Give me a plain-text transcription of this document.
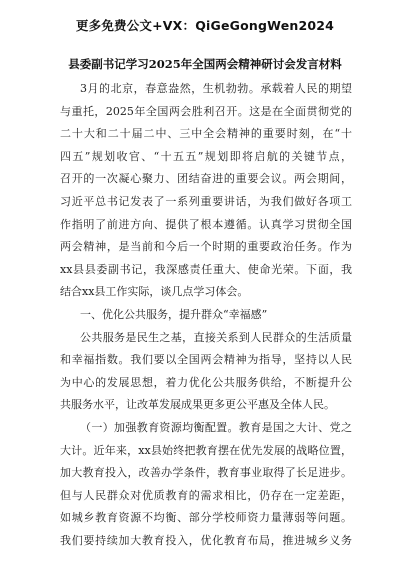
更多免费公文+VX：QiGeGongWen2024
县委副书记学习2025年全国两会精神研讨会发言材料
3月的北京，春意盎然，生机勃勃。承载着人民的期望
与重托，2025年全国两会胜利召开。这是在全面贯彻党的
二十大和二十届二中、三中全会精神的重要时刻，在“十
四五”规划收官、“十五五”规划即将启航的关键节点，
召开的一次凝心聚力、团结奋进的重要会议。两会期间，
习近平总书记发表了一系列重要讲话，为我们做好各项工
作指明了前进方向、提供了根本遵循。认真学习贯彻全国
两会精神，是当前和今后一个时期的重要政治任务。作为
xx县县委副书记，我深感责任重大、使命光荣。下面，我
结合xx县工作实际，谈几点学习体会。
一、优化公共服务，提升群众“幸福感”
公共服务是民生之基，直接关系到人民群众的生活质量
和幸福指数。我们要以全国两会精神为指导，坚持以人民
为中心的发展思想，着力优化公共服务供给，不断提升公
共服务水平，让改革发展成果更多更公平惠及全体人民。
（一）加强教育资源均衡配置。教育是国之大计、党之
大计。近年来，xx县始终把教育摆在优先发展的战略位置，
加大教育投入，改善办学条件，教育事业取得了长足进步。
但与人民群众对优质教育的需求相比，仍存在一定差距，
如城乡教育资源不均衡、部分学校师资力量薄弱等问题。
我们要持续加大教育投入，优化教育布局，推进城乡义务
